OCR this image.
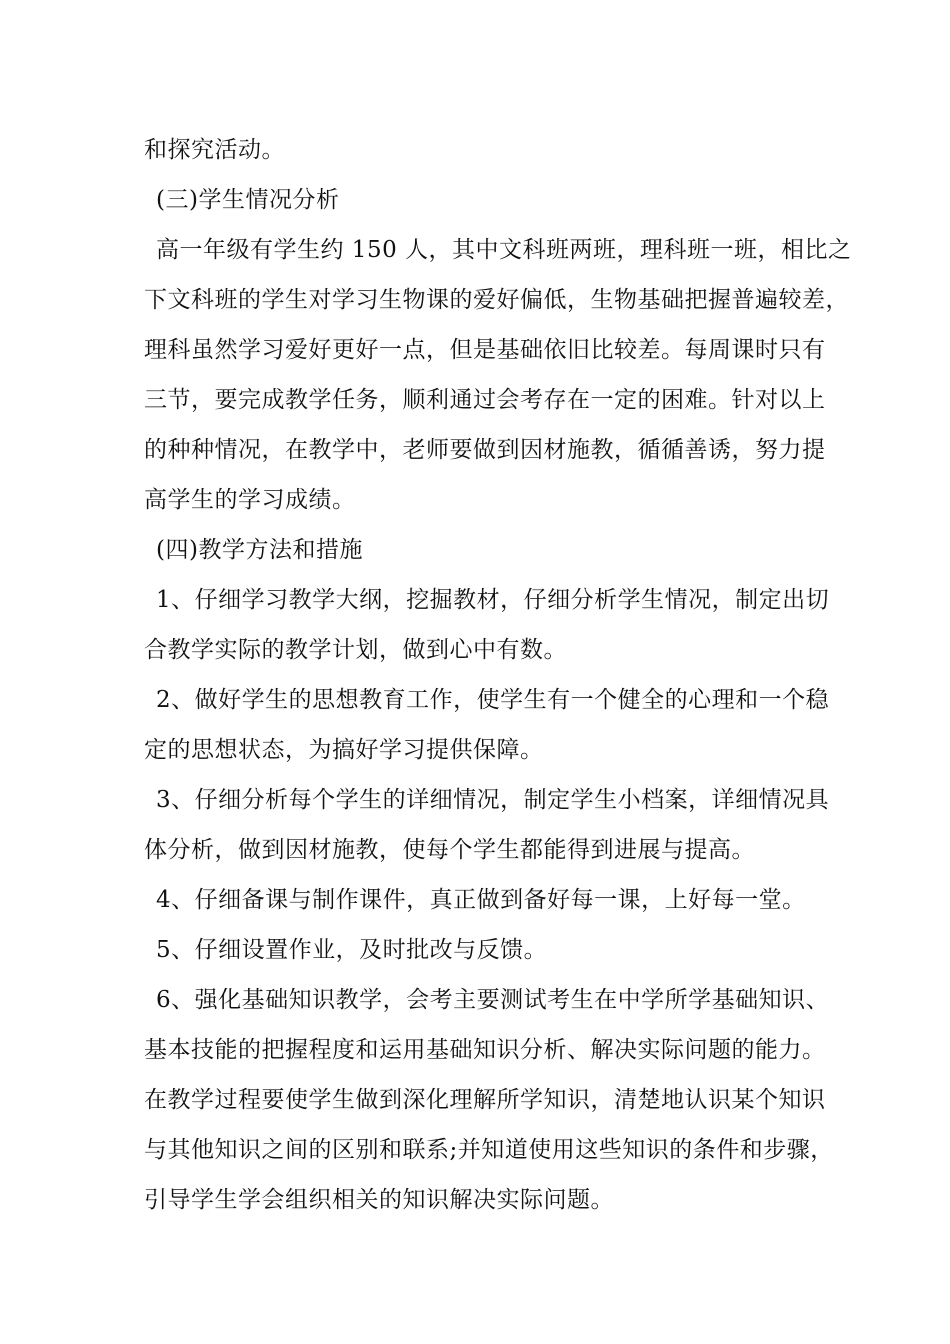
和探究活动。
(三)学生情况分析
高一年级有学生约 150 人，其中文科班两班，理科班一班，相比之
下文科班的学生对学习生物课的爱好偏低，生物基础把握普遍较差，
理科虽然学习爱好更好一点，但是基础依旧比较差。每周课时只有
三节，要完成教学任务，顺利通过会考存在一定的困难。针对以上
的种种情况，在教学中，老师要做到因材施教，循循善诱，努力提
高学生的学习成绩。
(四)教学方法和措施
1、仔细学习教学大纲，挖掘教材，仔细分析学生情况，制定出切
合教学实际的教学计划，做到心中有数。
2、做好学生的思想教育工作，使学生有一个健全的心理和一个稳
定的思想状态，为搞好学习提供保障。
3、仔细分析每个学生的详细情况，制定学生小档案，详细情况具
体分析，做到因材施教，使每个学生都能得到进展与提高。
4、仔细备课与制作课件，真正做到备好每一课，上好每一堂。
5、仔细设置作业，及时批改与反馈。
6、强化基础知识教学，会考主要测试考生在中学所学基础知识、
基本技能的把握程度和运用基础知识分析、解决实际问题的能力。
在教学过程要使学生做到深化理解所学知识，清楚地认识某个知识
与其他知识之间的区别和联系;并知道使用这些知识的条件和步骤，
引导学生学会组织相关的知识解决实际问题。
